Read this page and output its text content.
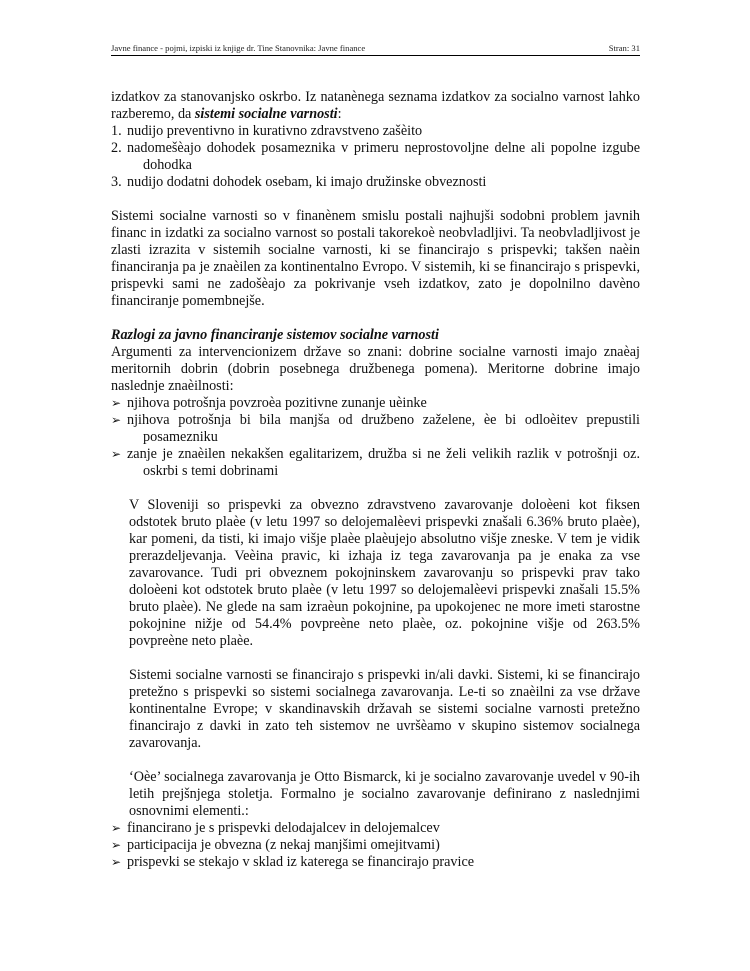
Javne finance - pojmi, izpiski iz knjige dr. Tine Stanovnika: Javne finance	Stran: 31

izdatkov za stanovanjsko oskrbo. Iz natanènega seznama izdatkov za socialno varnost lahko razberemo, da sistemi socialne varnosti:

1. nudijo preventivno in kurativno zdravstveno zašèito
2. nadomešèajo dohodek posameznika v primeru neprostovoljne delne ali popolne izgube dohodka
3. nudijo dodatni dohodek osebam, ki imajo družinske obveznosti

Sistemi socialne varnosti so v finanènem smislu postali najhujši sodobni problem javnih financ in izdatki za socialno varnost so postali takorekoè neobvladljivi. Ta neobvladljivost je zlasti izrazita v sistemih socialne varnosti, ki se financirajo s prispevki; takšen naèin financiranja pa je znaèilen za kontinentalno Evropo. V sistemih, ki se financirajo s prispevki, prispevki sami ne zadošèajo za pokrivanje vseh izdatkov, zato je dopolnilno davèno financiranje pomembnejše.

Razlogi za javno financiranje sistemov socialne varnosti

Argumenti za intervencionizem države so znani: dobrine socialne varnosti imajo znaèaj meritornih dobrin (dobrin posebnega družbenega pomena). Meritorne dobrine imajo naslednje znaèilnosti:

➢ njihova potrošnja povzroèa pozitivne zunanje uèinke
➢ njihova potrošnja bi bila manjša od družbeno zaželene, èe bi odloèitev prepustili posamezniku
➢ zanje je znaèilen nekakšen egalitarizem, družba si ne želi velikih razlik v potrošnji oz. oskrbi s temi dobrinami

V Sloveniji so prispevki za obvezno zdravstveno zavarovanje doloèeni kot fiksen odstotek bruto plaèe (v letu 1997 so delojemalèevi prispevki znašali 6.36% bruto plaèe), kar pomeni, da tisti, ki imajo višje plaèe plaèujejo absolutno višje zneske. V tem je vidik prerazdeljevanja. Veèina pravic, ki izhaja iz tega zavarovanja pa je enaka za vse zavarovance. Tudi pri obveznem pokojninskem zavarovanju so prispevki prav tako doloèeni kot odstotek bruto plaèe (v letu 1997 so delojemalèevi prispevki znašali 15.5% bruto plaèe). Ne glede na sam izraèun pokojnine, pa upokojenec ne more imeti starostne pokojnine nižje od 54.4% povpreène neto plaèe, oz. pokojnine višje od 263.5% povpreène neto plaèe.

Sistemi socialne varnosti se financirajo s prispevki in/ali davki. Sistemi, ki se financirajo pretežno s prispevki so sistemi socialnega zavarovanja. Le-ti so znaèilni za vse države kontinentalne Evrope; v skandinavskih državah se sistemi socialne varnosti pretežno financirajo z davki in zato teh sistemov ne uvršèamo v skupino sistemov socialnega zavarovanja.

‘Oèe’ socialnega zavarovanja je Otto Bismarck, ki je socialno zavarovanje uvedel v 90-ih letih prejšnjega stoletja. Formalno je socialno zavarovanje definirano z naslednjimi osnovnimi elementi.:

➢ financirano je s prispevki delodajalcev in delojemalcev
➢ participacija je obvezna (z nekaj manjšimi omejitvami)
➢ prispevki se stekajo v sklad iz katerega se financirajo pravice
